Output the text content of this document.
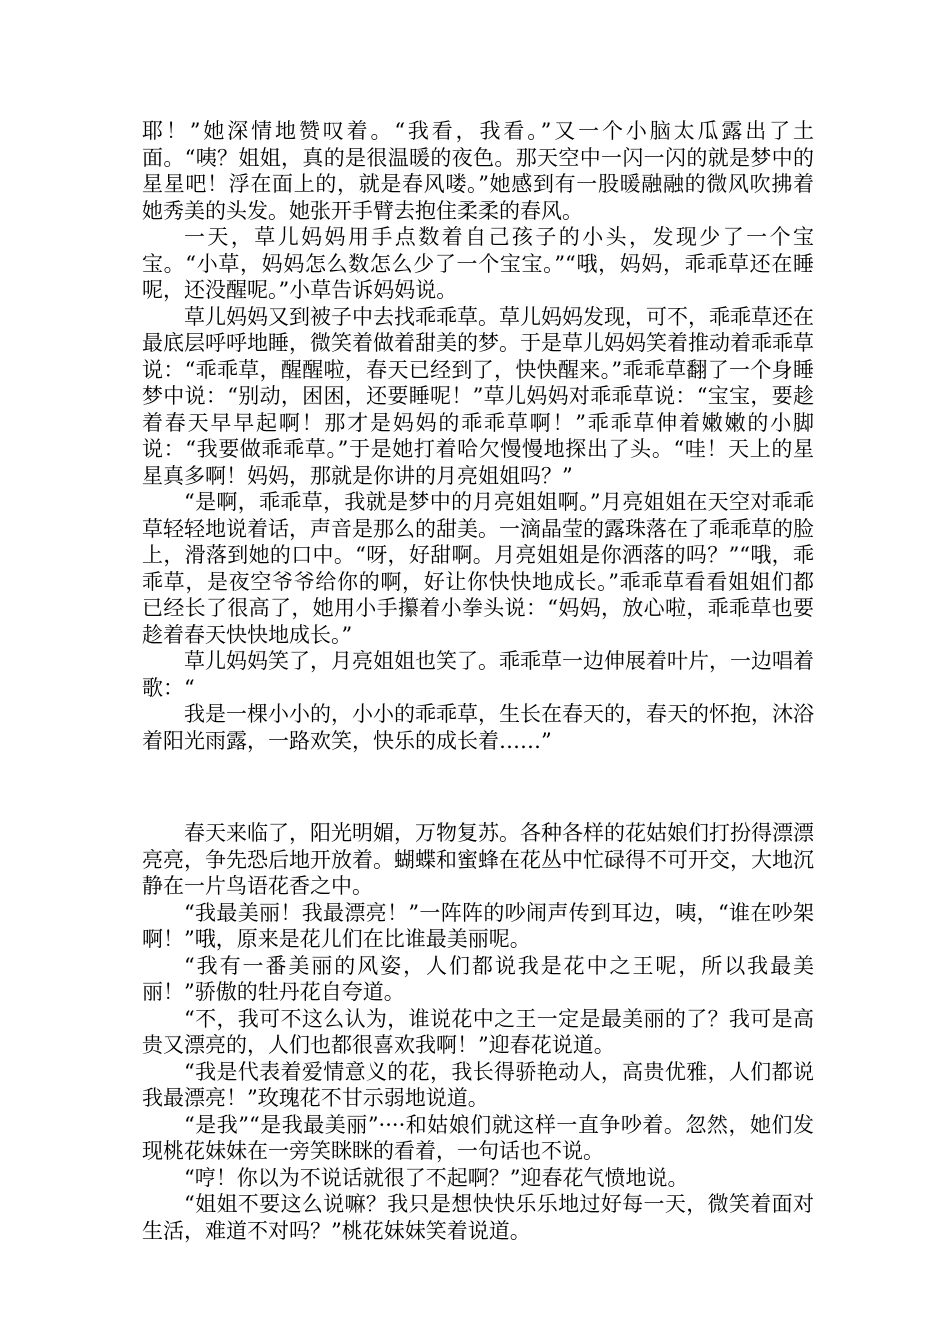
耶！”她深情地赞叹着。“我看，我看。”又一个小脑太瓜露出了土面。“咦？姐姐，真的是很温暖的夜色。那天空中一闪一闪的就是梦中的星星吧！浮在面上的，就是春风喽。”她感到有一股暖融融的微风吹拂着她秀美的头发。她张开手臂去抱住柔柔的春风。

一天，草儿妈妈用手点数着自己孩子的小头，发现少了一个宝宝。“小草，妈妈怎么数怎么少了一个宝宝。”“哦，妈妈，乖乖草还在睡呢，还没醒呢。”小草告诉妈妈说。

草儿妈妈又到被子中去找乖乖草。草儿妈妈发现，可不，乖乖草还在最底层呼呼地睡，微笑着做着甜美的梦。于是草儿妈妈笑着推动着乖乖草说：“乖乖草，醒醒啦，春天已经到了，快快醒来。”乖乖草翻了一个身睡梦中说：“别动，困困，还要睡呢！”草儿妈妈对乖乖草说：“宝宝，要趁着春天早早起啊！那才是妈妈的乖乖草啊！”乖乖草伸着嫩嫩的小脚说：“我要做乖乖草。”于是她打着哈欠慢慢地探出了头。“哇！天上的星星真多啊！妈妈，那就是你讲的月亮姐姐吗？”

“是啊，乖乖草，我就是梦中的月亮姐姐啊。”月亮姐姐在天空对乖乖草轻轻地说着话，声音是那么的甜美。一滴晶莹的露珠落在了乖乖草的脸上，滑落到她的口中。“呀，好甜啊。月亮姐姐是你洒落的吗？”“哦，乖乖草，是夜空爷爷给你的啊，好让你快快地成长。”乖乖草看看姐姐们都已经长了很高了，她用小手攥着小拳头说：“妈妈，放心啦，乖乖草也要趁着春天快快地成长。”

草儿妈妈笑了，月亮姐姐也笑了。乖乖草一边伸展着叶片，一边唱着歌：“

我是一棵小小的，小小的乖乖草，生长在春天的，春天的怀抱，沐浴着阳光雨露，一路欢笑，快乐的成长着……”

春天来临了，阳光明媚，万物复苏。各种各样的花姑娘们打扮得漂漂亮亮，争先恐后地开放着。蝴蝶和蜜蜂在花丛中忙碌得不可开交，大地沉静在一片鸟语花香之中。

“我最美丽！我最漂亮！”一阵阵的吵闹声传到耳边，咦，“谁在吵架啊！”哦，原来是花儿们在比谁最美丽呢。

“我有一番美丽的风姿，人们都说我是花中之王呢，所以我最美丽！”骄傲的牡丹花自夸道。

“不，我可不这么认为，谁说花中之王一定是最美丽的了？我可是高贵又漂亮的，人们也都很喜欢我啊！”迎春花说道。

“我是代表着爱情意义的花，我长得骄艳动人，高贵优雅，人们都说我最漂亮！”玫瑰花不甘示弱地说道。

“是我”“是我最美丽”····和姑娘们就这样一直争吵着。忽然，她们发现桃花妹妹在一旁笑眯眯的看着，一句话也不说。

“哼！你以为不说话就很了不起啊？”迎春花气愤地说。

“姐姐不要这么说嘛？我只是想快快乐乐地过好每一天，微笑着面对生活，难道不对吗？”桃花妹妹笑着说道。
